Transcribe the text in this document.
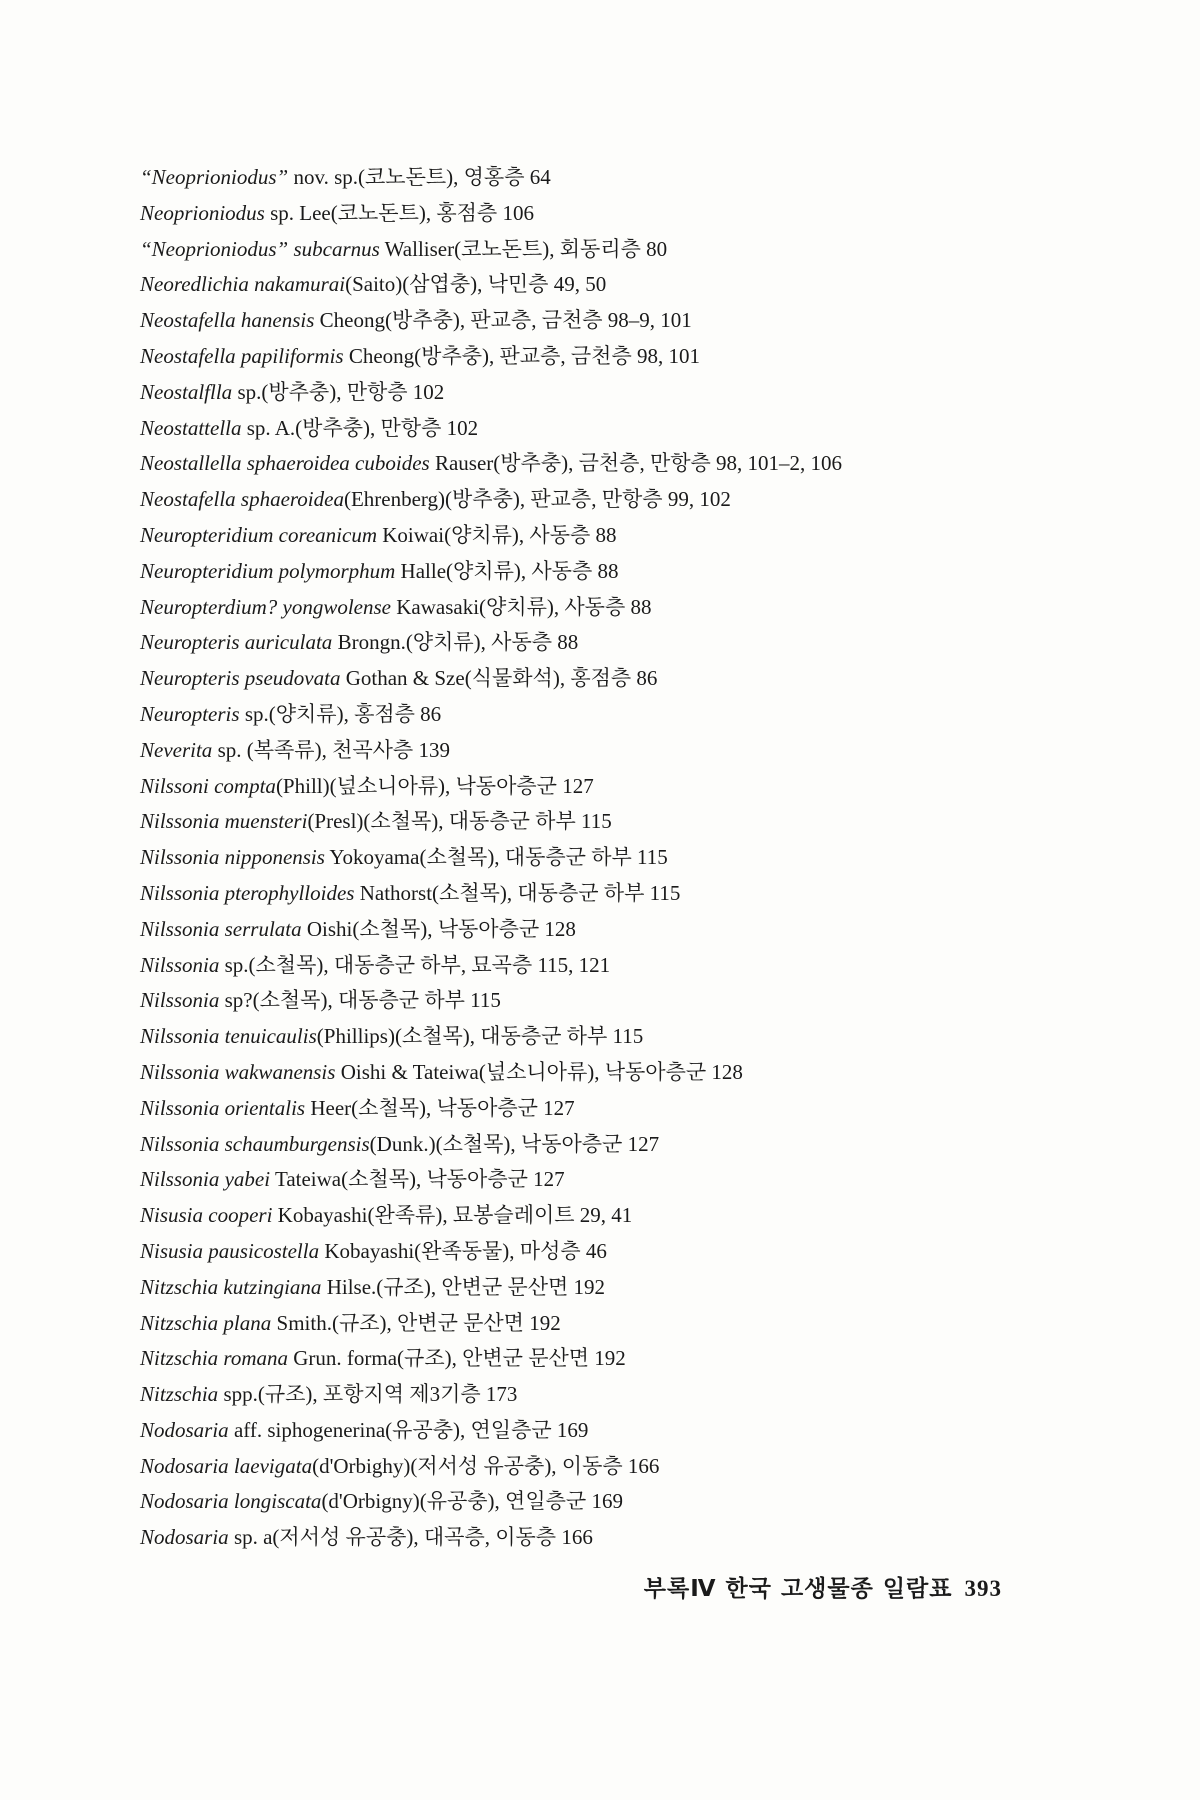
“Neoprioniodus” nov. sp.(코노돈트), 영홍층 64
Neoprioniodus sp. Lee(코노돈트), 홍점층 106
“Neoprioniodus” subcarnus Walliser(코노돈트), 회동리층 80
Neoredlichia nakamurai(Saito)(삼엽충), 낙민층 49, 50
Neostafella hanensis Cheong(방추충), 판교층, 금천층 98–9, 101
Neostafella papiliformis Cheong(방추충), 판교층, 금천층 98, 101
Neostalflla sp.(방추충), 만항층 102
Neostattella sp. A.(방추충), 만항층 102
Neostallella sphaeroidea cuboides Rauser(방추충), 금천층, 만항층 98, 101–2, 106
Neostafella sphaeroidea(Ehrenberg)(방추충), 판교층, 만항층 99, 102
Neuropteridium coreanicum Koiwai(양치류), 사동층 88
Neuropteridium polymorphum Halle(양치류), 사동층 88
Neuropterdium? yongwolense Kawasaki(양치류), 사동층 88
Neuropteris auriculata Brongn.(양치류), 사동층 88
Neuropteris pseudovata Gothan & Sze(식물화석), 홍점층 86
Neuropteris sp.(양치류), 홍점층 86
Neverita sp. (복족류), 천곡사층 139
Nilssoni compta(Phill)(넢소니아류), 낙동아층군 127
Nilssonia muensteri(Presl)(소철목), 대동층군 하부 115
Nilssonia nipponensis Yokoyama(소철목), 대동층군 하부 115
Nilssonia pterophylloides Nathorst(소철목), 대동층군 하부 115
Nilssonia serrulata Oishi(소철목), 낙동아층군 128
Nilssonia sp.(소철목), 대동층군 하부, 묘곡층 115, 121
Nilssonia sp?(소철목), 대동층군 하부 115
Nilssonia tenuicaulis(Phillips)(소철목), 대동층군 하부 115
Nilssonia wakwanensis Oishi & Tateiwa(넢소니아류), 낙동아층군 128
Nilssonia orientalis Heer(소철목), 낙동아층군 127
Nilssonia schaumburgensis(Dunk.)(소철목), 낙동아층군 127
Nilssonia yabei Tateiwa(소철목), 낙동아층군 127
Nisusia cooperi Kobayashi(완족류), 묘봉슬레이트 29, 41
Nisusia pausicostella Kobayashi(완족동물), 마성층 46
Nitzschia kutzingiana Hilse.(규조), 안변군 문산면 192
Nitzschia plana Smith.(규조), 안변군 문산면 192
Nitzschia romana Grun. forma(규조), 안변군 문산면 192
Nitzschia spp.(규조), 포항지역 제3기층 173
Nodosaria aff. siphogenerina(유공충), 연일층군 169
Nodosaria laevigata(d'Orbighy)(저서성 유공충), 이동층 166
Nodosaria longiscata(d'Orbigny)(유공충), 연일층군 169
Nodosaria sp. a(저서성 유공충), 대곡층, 이동층 166
부록Ⅳ 한국 고생물종 일람표 393
